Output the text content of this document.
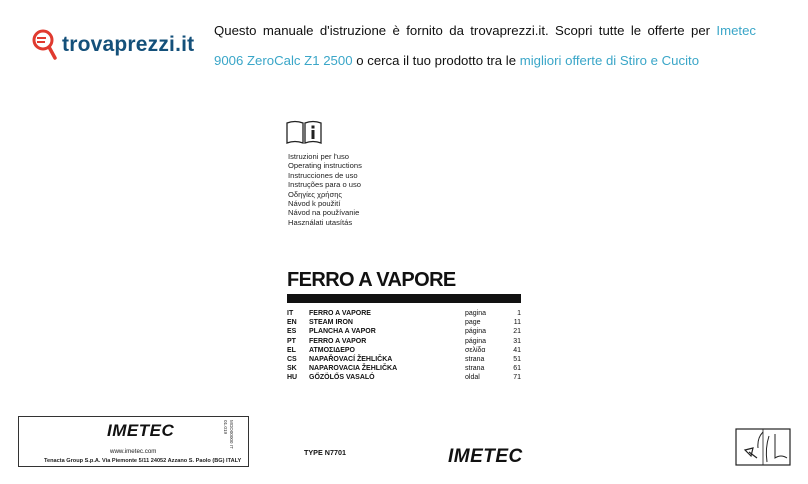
trovaprezzi.it
Questo manuale d'istruzione è fornito da trovaprezzi.it. Scopri tutte le offerte per Imetec 9006 ZeroCalc Z1 2500 o cerca il tuo prodotto tra le migliori offerte di Stiro e Cucito
Istruzioni per l'uso
Operating instructions
Instrucciones de uso
Instruções para o uso
Οδηγίες χρήσης
Návod k použití
Návod na používanie
Használati utasítás
FERRO A VAPORE
IT	FERRO A VAPORE	pagina	1
EN	STEAM IRON	page	11
ES	PLANCHA A VAPOR	página	21
PT	FERRO A VAPOR	página	31
EL	ΑΤΜΟΣΙΔΕΡΟ	σελίδα	41
CS	NAPAŘOVACÍ ŽEHLIČKA	strana	51
SK	NAPAROVACIA ŽEHLIČKA	strana	61
HU	GŐZÖLŐS VASALÓ	oldal	71
IMETEC
www.imetec.com
Tenacta Group S.p.A. Via Piemonte 5/11 24052 Azzano S. Paolo (BG) ITALY
MOD00000 IT 01.019
TYPE N7701	IMETEC
